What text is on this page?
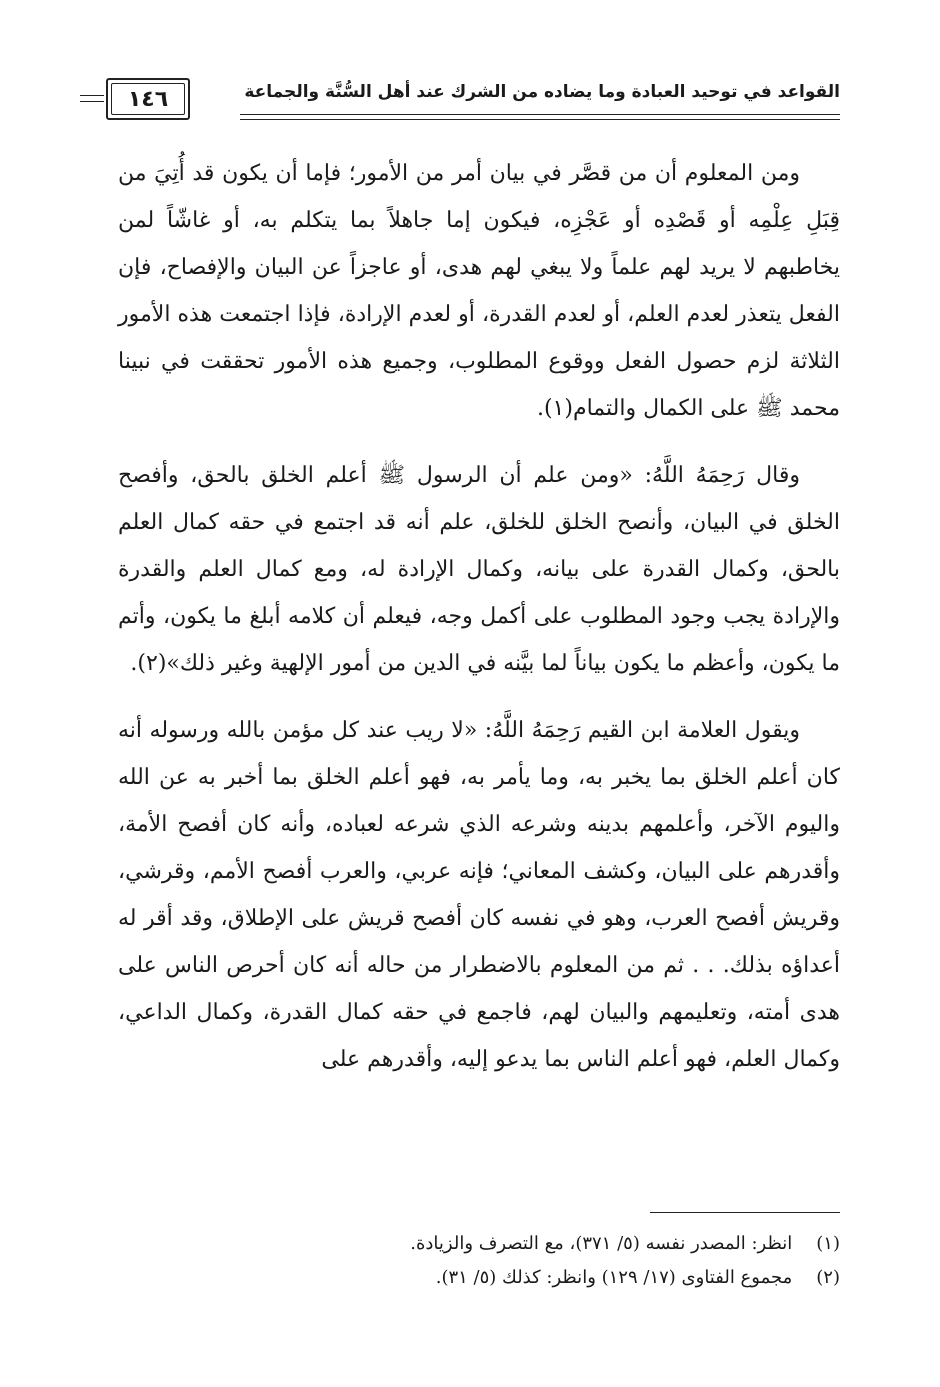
القواعد في توحيد العبادة وما يضاده من الشرك عند أهل السُّنَّة والجماعة
١٤٦

ومن المعلوم أن من قصَّر في بيان أمر من الأمور؛ فإما أن يكون قد أُتِيَ من قِبَلِ عِلْمِه أو قَصْدِه أو عَجْزِه، فيكون إما جاهلاً بما يتكلم به، أو غاشّاً لمن يخاطبهم لا يريد لهم علماً ولا يبغي لهم هدى، أو عاجزاً عن البيان والإفصاح، فإن الفعل يتعذر لعدم العلم، أو لعدم القدرة، أو لعدم الإرادة، فإذا اجتمعت هذه الأمور الثلاثة لزم حصول الفعل ووقوع المطلوب، وجميع هذه الأمور تحققت في نبينا محمد ﷺ على الكمال والتمام(١).

وقال رَحِمَهُ اللَّهُ: «ومن علم أن الرسول ﷺ أعلم الخلق بالحق، وأفصح الخلق في البيان، وأنصح الخلق للخلق، علم أنه قد اجتمع في حقه كمال العلم بالحق، وكمال القدرة على بيانه، وكمال الإرادة له، ومع كمال العلم والقدرة والإرادة يجب وجود المطلوب على أكمل وجه، فيعلم أن كلامه أبلغ ما يكون، وأتم ما يكون، وأعظم ما يكون بياناً لما بيَّنه في الدين من أمور الإلهية وغير ذلك»(٢).

ويقول العلامة ابن القيم رَحِمَهُ اللَّهُ: «لا ريب عند كل مؤمن بالله ورسوله أنه كان أعلم الخلق بما يخبر به، وما يأمر به، فهو أعلم الخلق بما أخبر به عن الله واليوم الآخر، وأعلمهم بدينه وشرعه الذي شرعه لعباده، وأنه كان أفصح الأمة، وأقدرهم على البيان، وكشف المعاني؛ فإنه عربي، والعرب أفصح الأمم، وقرشي، وقريش أفصح العرب، وهو في نفسه كان أفصح قريش على الإطلاق، وقد أقر له أعداؤه بذلك. . . ثم من المعلوم بالاضطرار من حاله أنه كان أحرص الناس على هدى أمته، وتعليمهم والبيان لهم، فاجمع في حقه كمال القدرة، وكمال الداعي، وكمال العلم، فهو أعلم الناس بما يدعو إليه، وأقدرهم على

(١) انظر: المصدر نفسه (٥/ ٣٧١)، مع التصرف والزيادة.
(٢) مجموع الفتاوى (١٧/ ١٢٩) وانظر: كذلك (٥/ ٣١).
